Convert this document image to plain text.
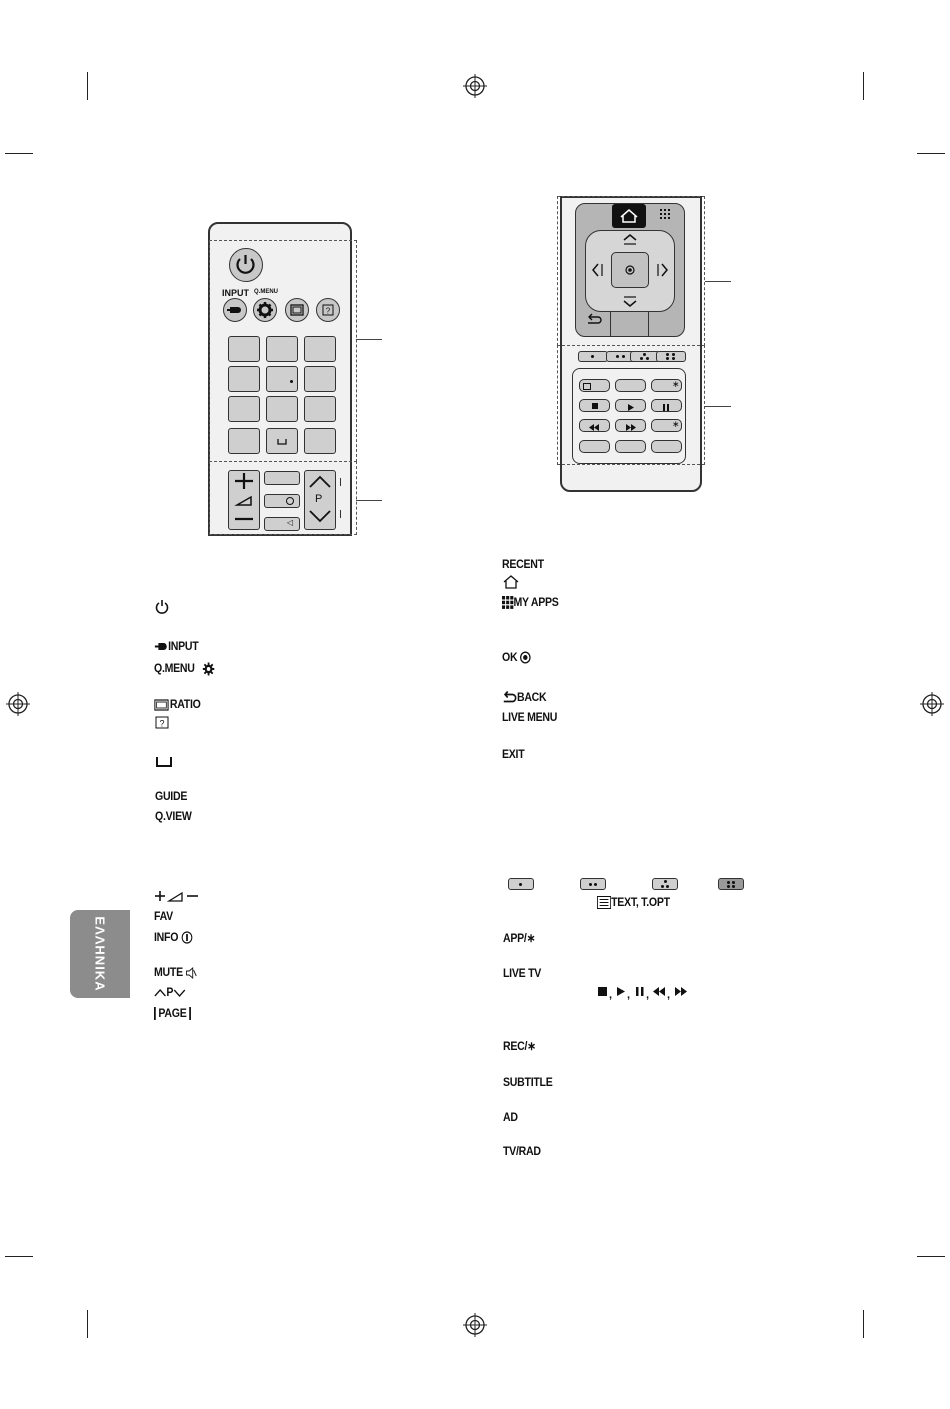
ΕΛΛΗΝΙΚΑ
INPUT Q.MENU
?
◁
P
∗
∗
INPUT
Q.MENU
RATIO
?
GUIDE
Q.VIEW
FAV
INFO
MUTE
P
PAGE
RECENT
MY APPS
OK
BACK
LIVE MENU
EXIT
TEXT, T.OPT
APP/∗
LIVE TV
, , , ,
REC/∗
SUBTITLE
AD
TV/RAD
